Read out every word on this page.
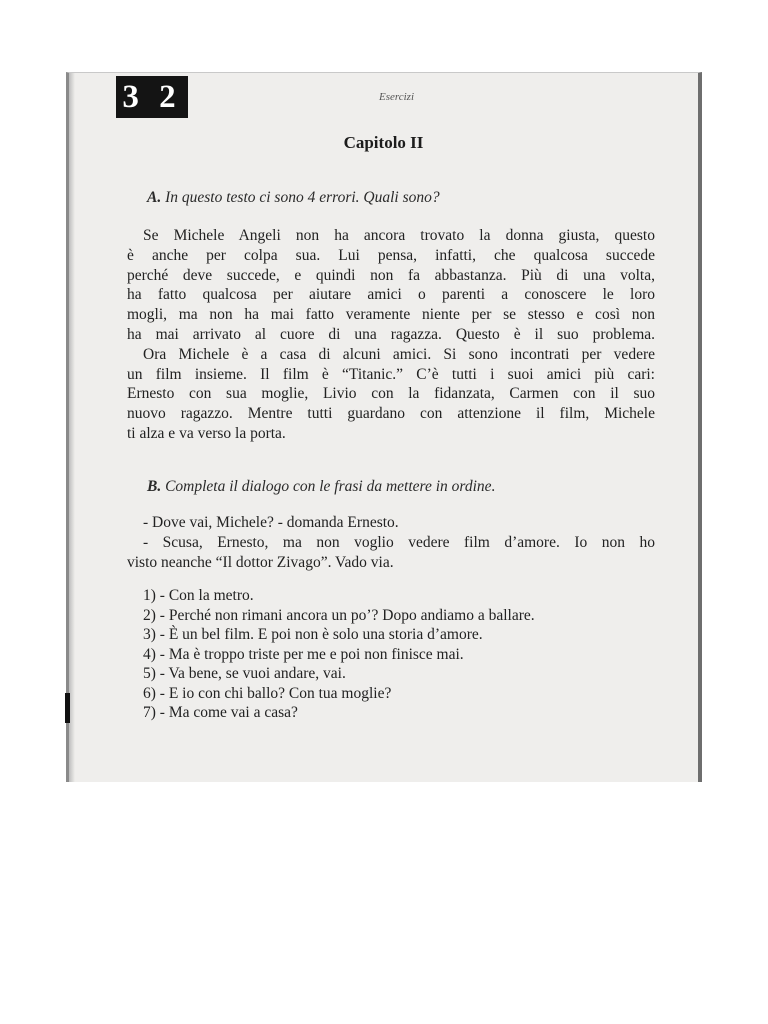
3 2	Esercizi
Capitolo II
A. In questo testo ci sono 4 errori. Quali sono?
Se Michele Angeli non ha ancora trovato la donna giusta, questo
è anche per colpa sua. Lui pensa, infatti, che qualcosa succede
perché deve succede, e quindi non fa abbastanza. Più di una volta,
ha fatto qualcosa per aiutare amici o parenti a conoscere le loro
mogli, ma non ha mai fatto veramente niente per se stesso e così non
ha mai arrivato al cuore di una ragazza. Questo è il suo problema.
Ora Michele è a casa di alcuni amici. Si sono incontrati per vedere
un film insieme. Il film è “Titanic.” C’è tutti i suoi amici più cari:
Ernesto con sua moglie, Livio con la fidanzata, Carmen con il suo
nuovo ragazzo. Mentre tutti guardano con attenzione il film, Michele
ti alza e va verso la porta.
B. Completa il dialogo con le frasi da mettere in ordine.
- Dove vai, Michele? - domanda Ernesto.
- Scusa, Ernesto, ma non voglio vedere film d’amore. Io non ho
visto neanche “Il dottor Zivago”. Vado via.
1) - Con la metro.
2) - Perché non rimani ancora un po’? Dopo andiamo a ballare.
3) - È un bel film. E poi non è solo una storia d’amore.
4) - Ma è troppo triste per me e poi non finisce mai.
5) - Va bene, se vuoi andare, vai.
6) - E io con chi ballo? Con tua moglie?
7) - Ma come vai a casa?
